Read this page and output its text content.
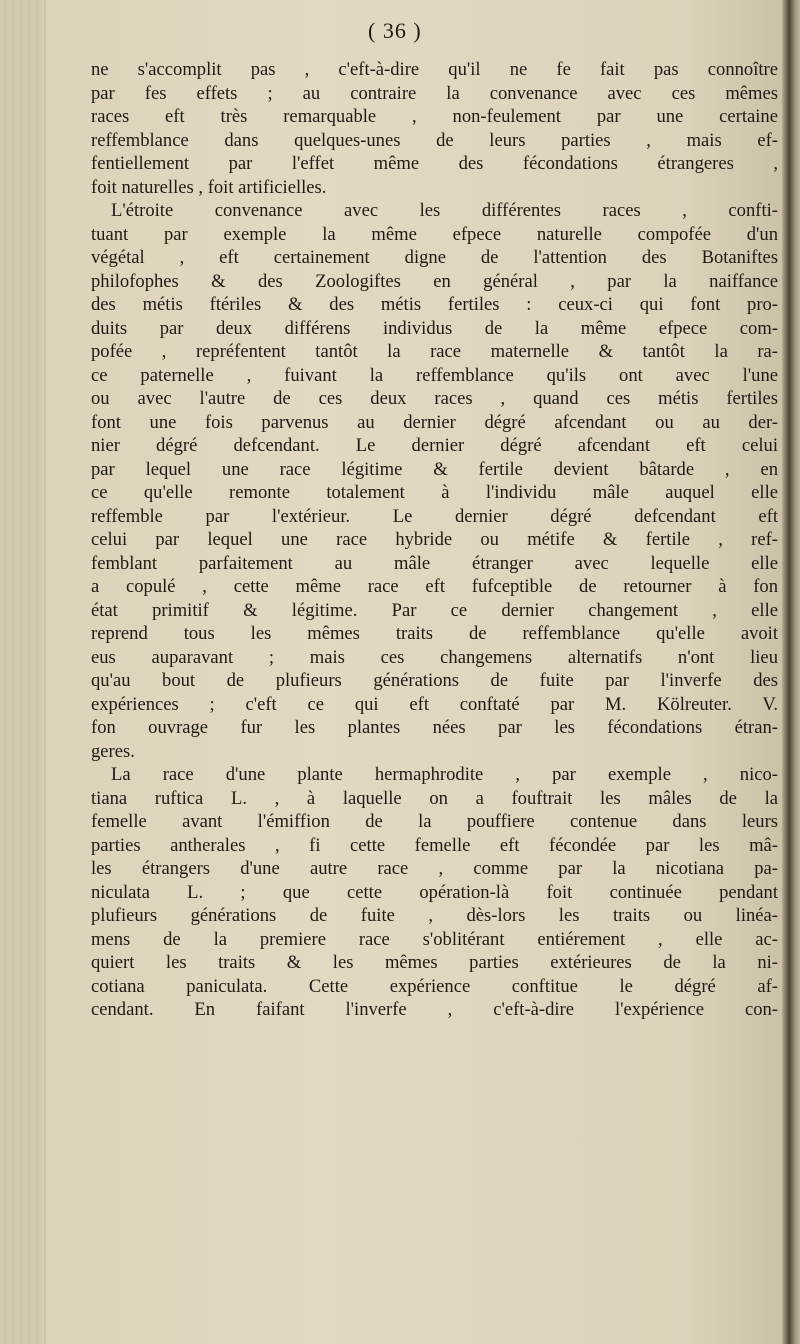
( 36 )
ne s'accomplit pas , c'eft-à-dire qu'il ne fe fait pas connoître
par fes effets ; au contraire la convenance avec ces mêmes
races eft très remarquable , non-feulement par une certaine
reffemblance dans quelques-unes de leurs parties , mais ef-
fentiellement par l'effet même des fécondations étrangeres ,
foit naturelles , foit artificielles.
L'étroite convenance avec les différentes races , confti-
tuant par exemple la même efpece naturelle compofée d'un
végétal , eft certainement digne de l'attention des Botaniftes
philofophes & des Zoologiftes en général , par la naiffance
des métis ftériles & des métis fertiles : ceux-ci qui font pro-
duits par deux différens individus de la même efpece com-
pofée , repréfentent tantôt la race maternelle & tantôt la ra-
ce paternelle , fuivant la reffemblance qu'ils ont avec l'une
ou avec l'autre de ces deux races , quand ces métis fertiles
font une fois parvenus au dernier dégré afcendant ou au der-
nier dégré defcendant. Le dernier dégré afcendant eft celui
par lequel une race légitime & fertile devient bâtarde , en
ce qu'elle remonte totalement à l'individu mâle auquel elle
reffemble par l'extérieur. Le dernier dégré defcendant eft
celui par lequel une race hybride ou métife & fertile , ref-
femblant parfaitement au mâle étranger avec lequelle elle
a copulé , cette même race eft fufceptible de retourner à fon
état primitif & légitime. Par ce dernier changement , elle
reprend tous les mêmes traits de reffemblance qu'elle avoit
eus auparavant ; mais ces changemens alternatifs n'ont lieu
qu'au bout de plufieurs générations de fuite par l'inverfe des
expériences ; c'eft ce qui eft conftaté par M. Kölreuter. V.
fon ouvrage fur les plantes nées par les fécondations étran-
geres.
La race d'une plante hermaphrodite , par exemple , nico-
tiana ruftica L. , à laquelle on a fouftrait les mâles de la
femelle avant l'émiffion de la pouffiere contenue dans leurs
parties antherales , fi cette femelle eft fécondée par les mâ-
les étrangers d'une autre race , comme par la nicotiana pa-
niculata L. ; que cette opération-là foit continuée pendant
plufieurs générations de fuite , dès-lors les traits ou linéa-
mens de la premiere race s'oblitérant entiérement , elle ac-
quiert les traits & les mêmes parties extérieures de la ni-
cotiana paniculata. Cette expérience conftitue le dégré af-
cendant. En faifant l'inverfe , c'eft-à-dire l'expérience con-
